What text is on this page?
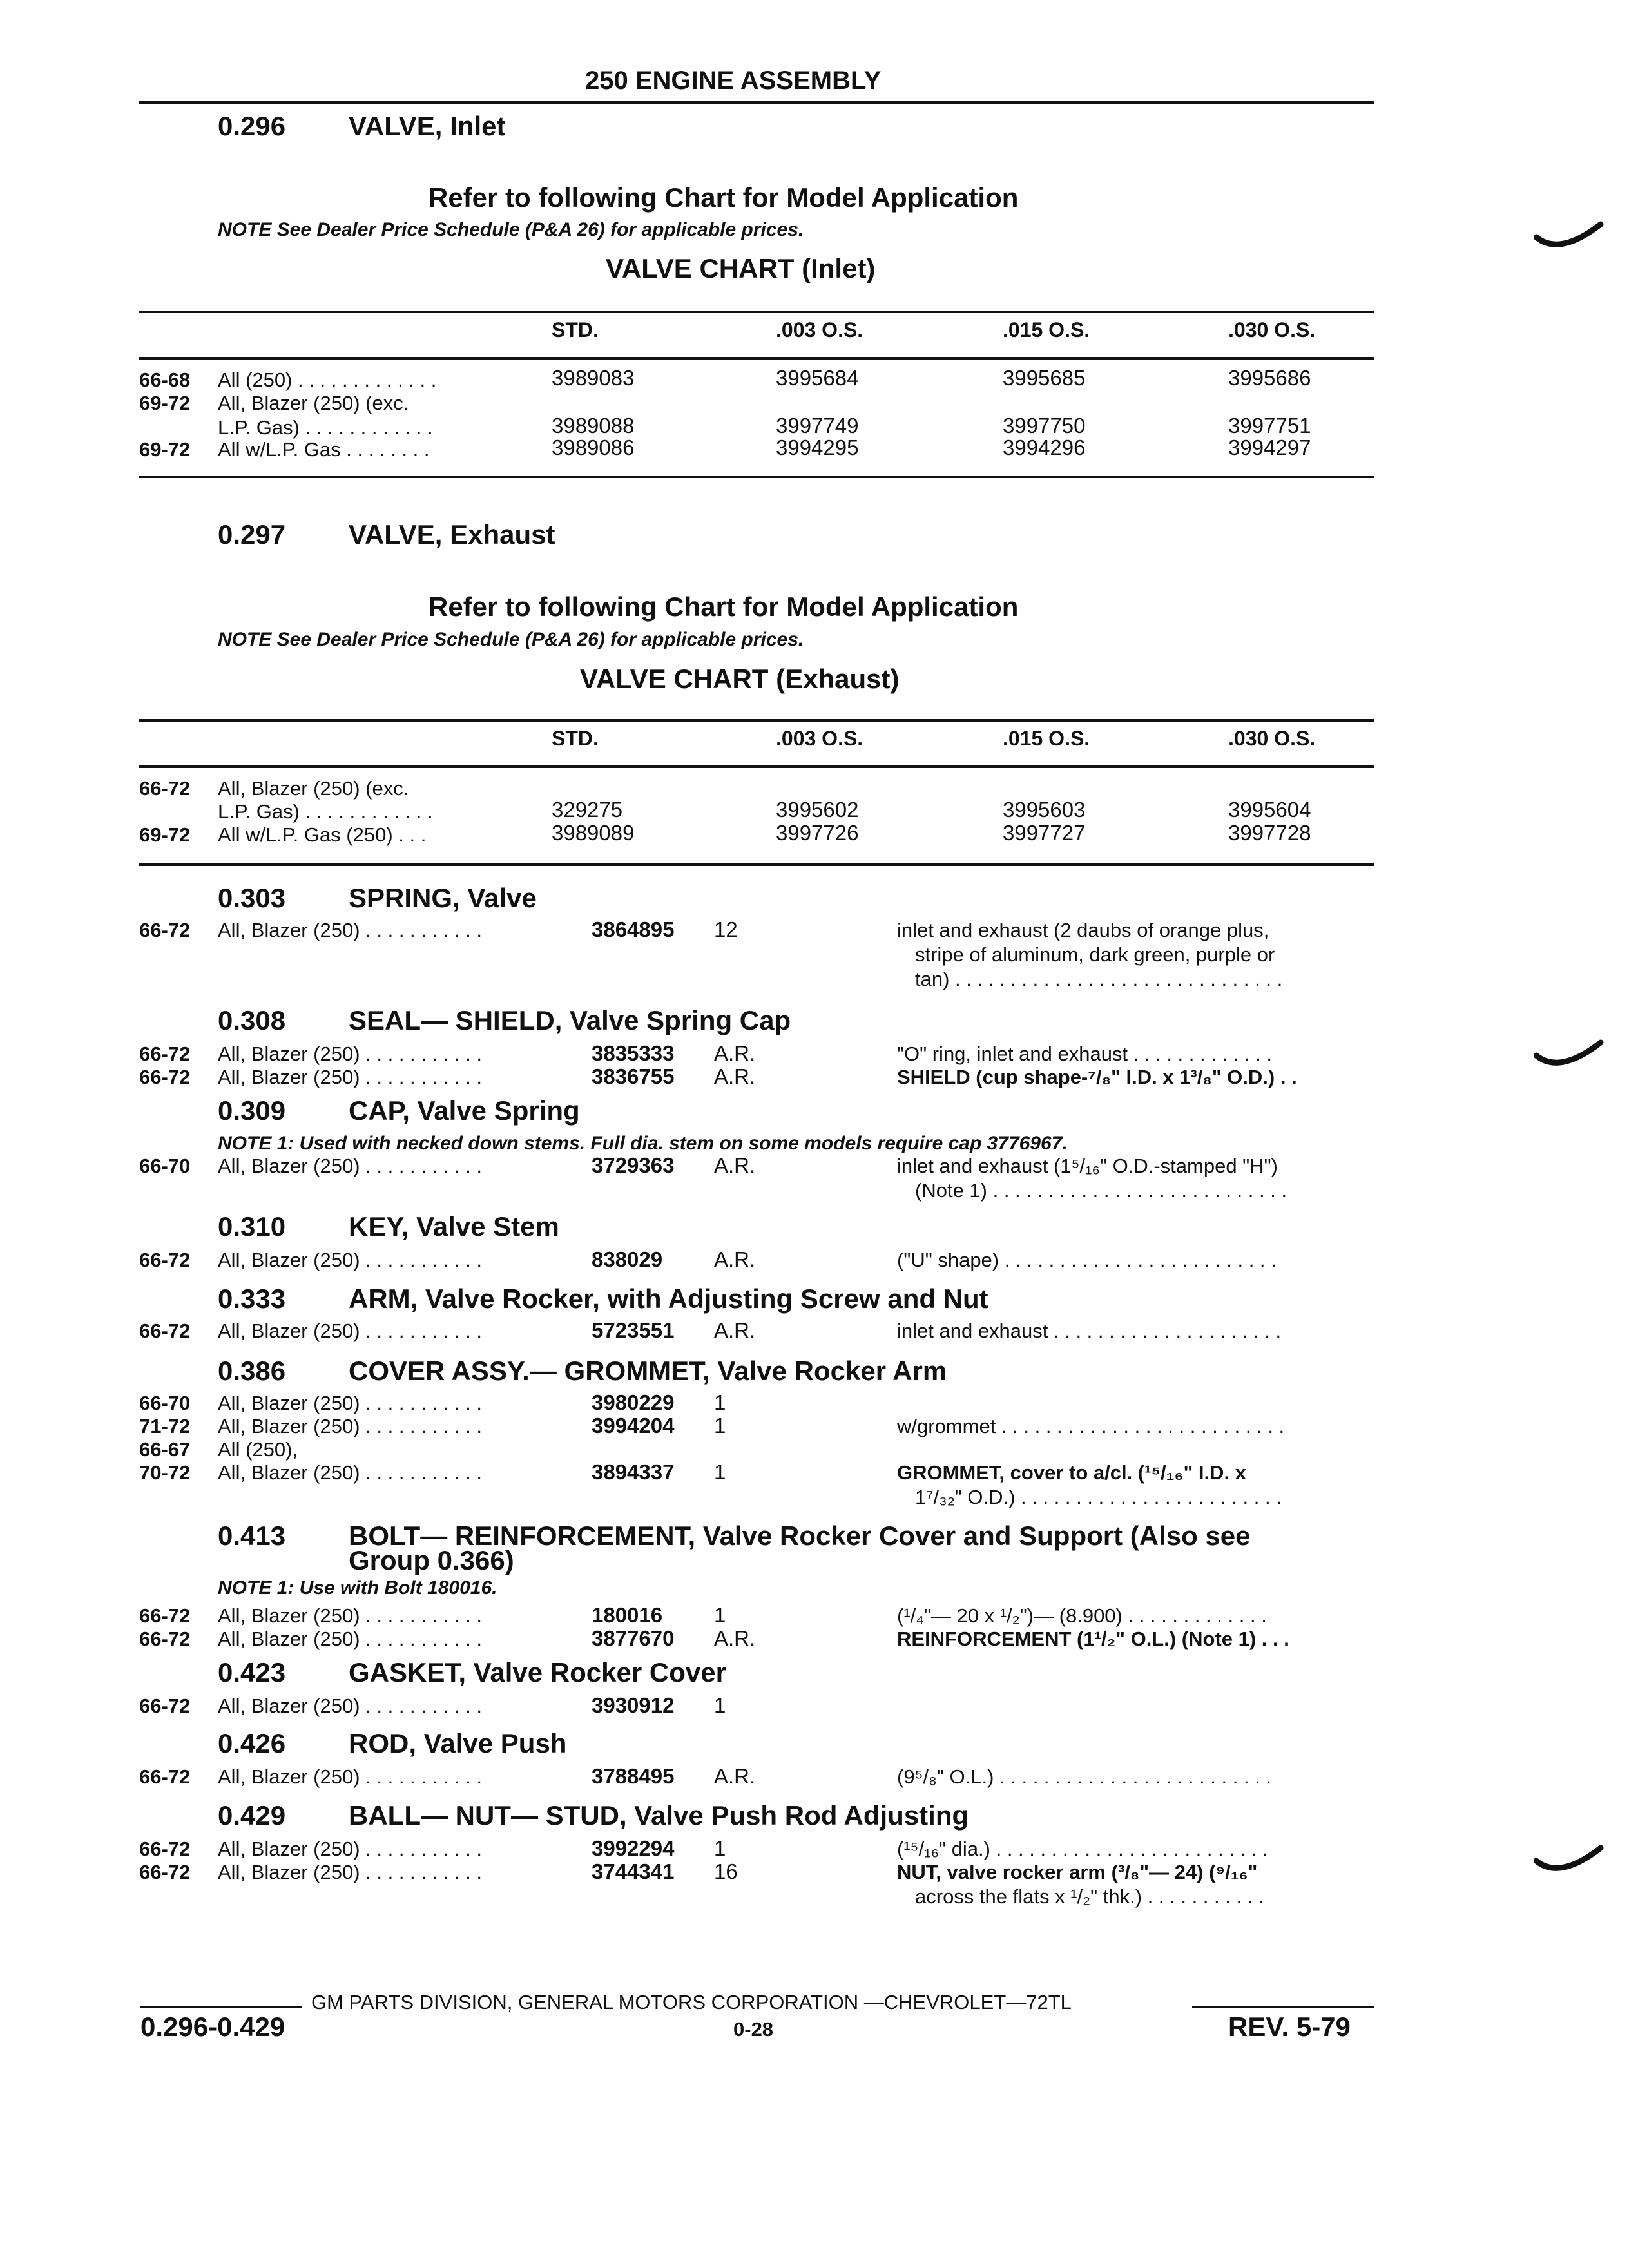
250 ENGINE ASSEMBLY
0.296 VALVE, Inlet
Refer to following Chart for Model Application
NOTE See Dealer Price Schedule (P&A 26) for applicable prices.
VALVE CHART (Inlet)
STD.	.003 O.S.	.015 O.S.	.030 O.S.
66-68 All (250) . . . . . . . . . . . . .	3989083	3995684	3995685	3995686
69-72 All, Blazer (250) (exc.
L.P. Gas) . . . . . . . . . . . .	3989088	3997749	3997750	3997751
69-72 All w/L.P. Gas . . . . . . . .	3989086	3994295	3994296	3994297
0.297 VALVE, Exhaust
Refer to following Chart for Model Application
NOTE See Dealer Price Schedule (P&A 26) for applicable prices.
VALVE CHART (Exhaust)
STD.	.003 O.S.	.015 O.S.	.030 O.S.
66-72 All, Blazer (250) (exc.
L.P. Gas) . . . . . . . . . . . .	329275	3995602	3995603	3995604
69-72 All w/L.P. Gas (250) . . .	3989089	3997726	3997727	3997728
0.303 SPRING, Valve
66-72 All, Blazer (250) . . . . . . . . . . .	3864895 12	inlet and exhaust (2 daubs of orange plus,
stripe of aluminum, dark green, purple or
tan) . . . . . . . . . . . . . . . . . . . . . . . . . . . . . .
0.308 SEAL— SHIELD, Valve Spring Cap
66-72 All, Blazer (250) . . . . . . . . . . .	3835333 A.R.	"O" ring, inlet and exhaust . . . . . . . . . . . . .
66-72 All, Blazer (250) . . . . . . . . . . .	3836755 A.R.	SHIELD (cup shape-⁷/₈" I.D. x 1³/₈" O.D.) . .
0.309 CAP, Valve Spring
NOTE 1: Used with necked down stems. Full dia. stem on some models require cap 3776967.
66-70 All, Blazer (250) . . . . . . . . . . .	3729363 A.R.	inlet and exhaust (1⁵/₁₆" O.D.-stamped "H")
(Note 1) . . . . . . . . . . . . . . . . . . . . . . . . . . .
0.310 KEY, Valve Stem
66-72 All, Blazer (250) . . . . . . . . . . .	838029 A.R.	("U" shape) . . . . . . . . . . . . . . . . . . . . . . . . .
0.333 ARM, Valve Rocker, with Adjusting Screw and Nut
66-72 All, Blazer (250) . . . . . . . . . . .	5723551 A.R.	inlet and exhaust . . . . . . . . . . . . . . . . . . . . .
0.386 COVER ASSY.— GROMMET, Valve Rocker Arm
66-70 All, Blazer (250) . . . . . . . . . . .	3980229 1
71-72 All, Blazer (250) . . . . . . . . . . .	3994204 1	w/grommet . . . . . . . . . . . . . . . . . . . . . . . . . .
66-67 All (250),
70-72 All, Blazer (250) . . . . . . . . . . .	3894337 1	GROMMET, cover to a/cl. (¹⁵/₁₆" I.D. x
1⁷/₃₂" O.D.) . . . . . . . . . . . . . . . . . . . . . . . .
0.413 BOLT— REINFORCEMENT, Valve Rocker Cover and Support (Also see
Group 0.366)
NOTE 1: Use with Bolt 180016.
66-72 All, Blazer (250) . . . . . . . . . . .	180016 1	(¹/₄"— 20 x ¹/₂")— (8.900) . . . . . . . . . . . . .
66-72 All, Blazer (250) . . . . . . . . . . .	3877670 A.R.	REINFORCEMENT (1¹/₂" O.L.) (Note 1) . . .
0.423 GASKET, Valve Rocker Cover
66-72 All, Blazer (250) . . . . . . . . . . .	3930912 1
0.426 ROD, Valve Push
66-72 All, Blazer (250) . . . . . . . . . . .	3788495 A.R.	(9⁵/₈" O.L.) . . . . . . . . . . . . . . . . . . . . . . . . .
0.429 BALL— NUT— STUD, Valve Push Rod Adjusting
66-72 All, Blazer (250) . . . . . . . . . . .	3992294 1	(¹⁵/₁₆" dia.) . . . . . . . . . . . . . . . . . . . . . . . . .
66-72 All, Blazer (250) . . . . . . . . . . .	3744341 16	NUT, valve rocker arm (³/₈"— 24) (⁹/₁₆"
across the flats x ¹/₂" thk.) . . . . . . . . . . .
GM PARTS DIVISION, GENERAL MOTORS CORPORATION —CHEVROLET—72TL
0.296-0.429	0-28	REV. 5-79
